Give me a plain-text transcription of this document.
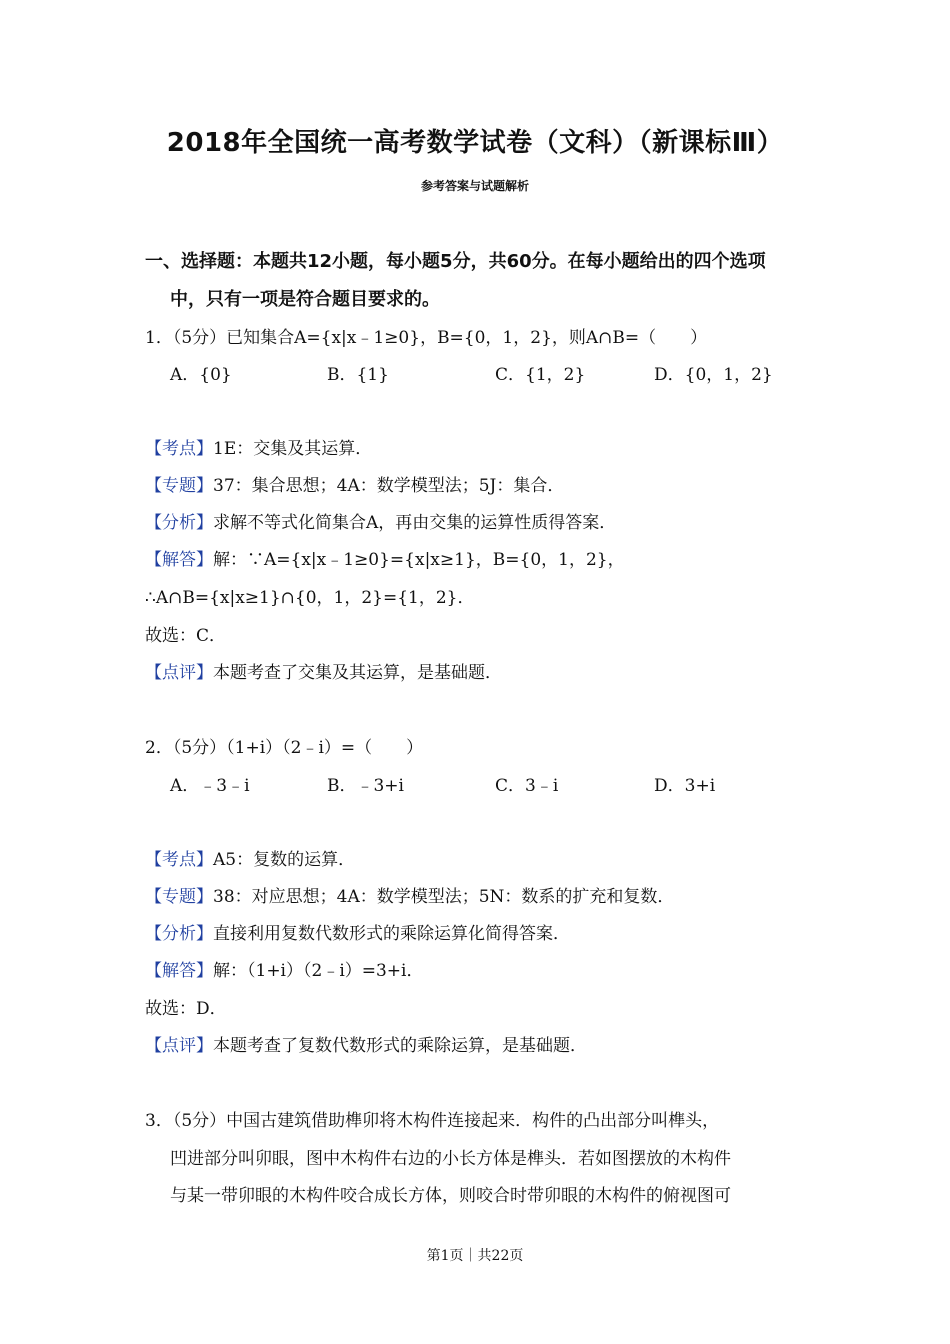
2018年全国统一高考数学试卷（文科）（新课标Ⅲ）
参考答案与试题解析
一、选择题：本题共12小题，每小题5分，共60分。在每小题给出的四个选项
中，只有一项是符合题目要求的。
1．（5分）已知集合A={x|x﹣1≥0}，B={0，1，2}，则A∩B=（　　）
A．{0}	B．{1}	C．{1，2}	D．{0，1，2}
【考点】1E：交集及其运算．
【专题】37：集合思想；4A：数学模型法；5J：集合．
【分析】求解不等式化简集合A，再由交集的运算性质得答案．
【解答】解：∵A={x|x﹣1≥0}={x|x≥1}，B={0，1，2}，
∴A∩B={x|x≥1}∩{0，1，2}={1，2}．
故选：C．
【点评】本题考查了交集及其运算，是基础题．
2．（5分）（1+i）（2﹣i）=（　　）
A．﹣3﹣i	B．﹣3+i	C．3﹣i	D．3+i
【考点】A5：复数的运算．
【专题】38：对应思想；4A：数学模型法；5N：数系的扩充和复数．
【分析】直接利用复数代数形式的乘除运算化简得答案．
【解答】解：（1+i）（2﹣i）=3+i．
故选：D．
【点评】本题考查了复数代数形式的乘除运算，是基础题．
3．（5分）中国古建筑借助榫卯将木构件连接起来．构件的凸出部分叫榫头，
凹进部分叫卯眼，图中木构件右边的小长方体是榫头．若如图摆放的木构件
与某一带卯眼的木构件咬合成长方体，则咬合时带卯眼的木构件的俯视图可
第1页｜共22页
